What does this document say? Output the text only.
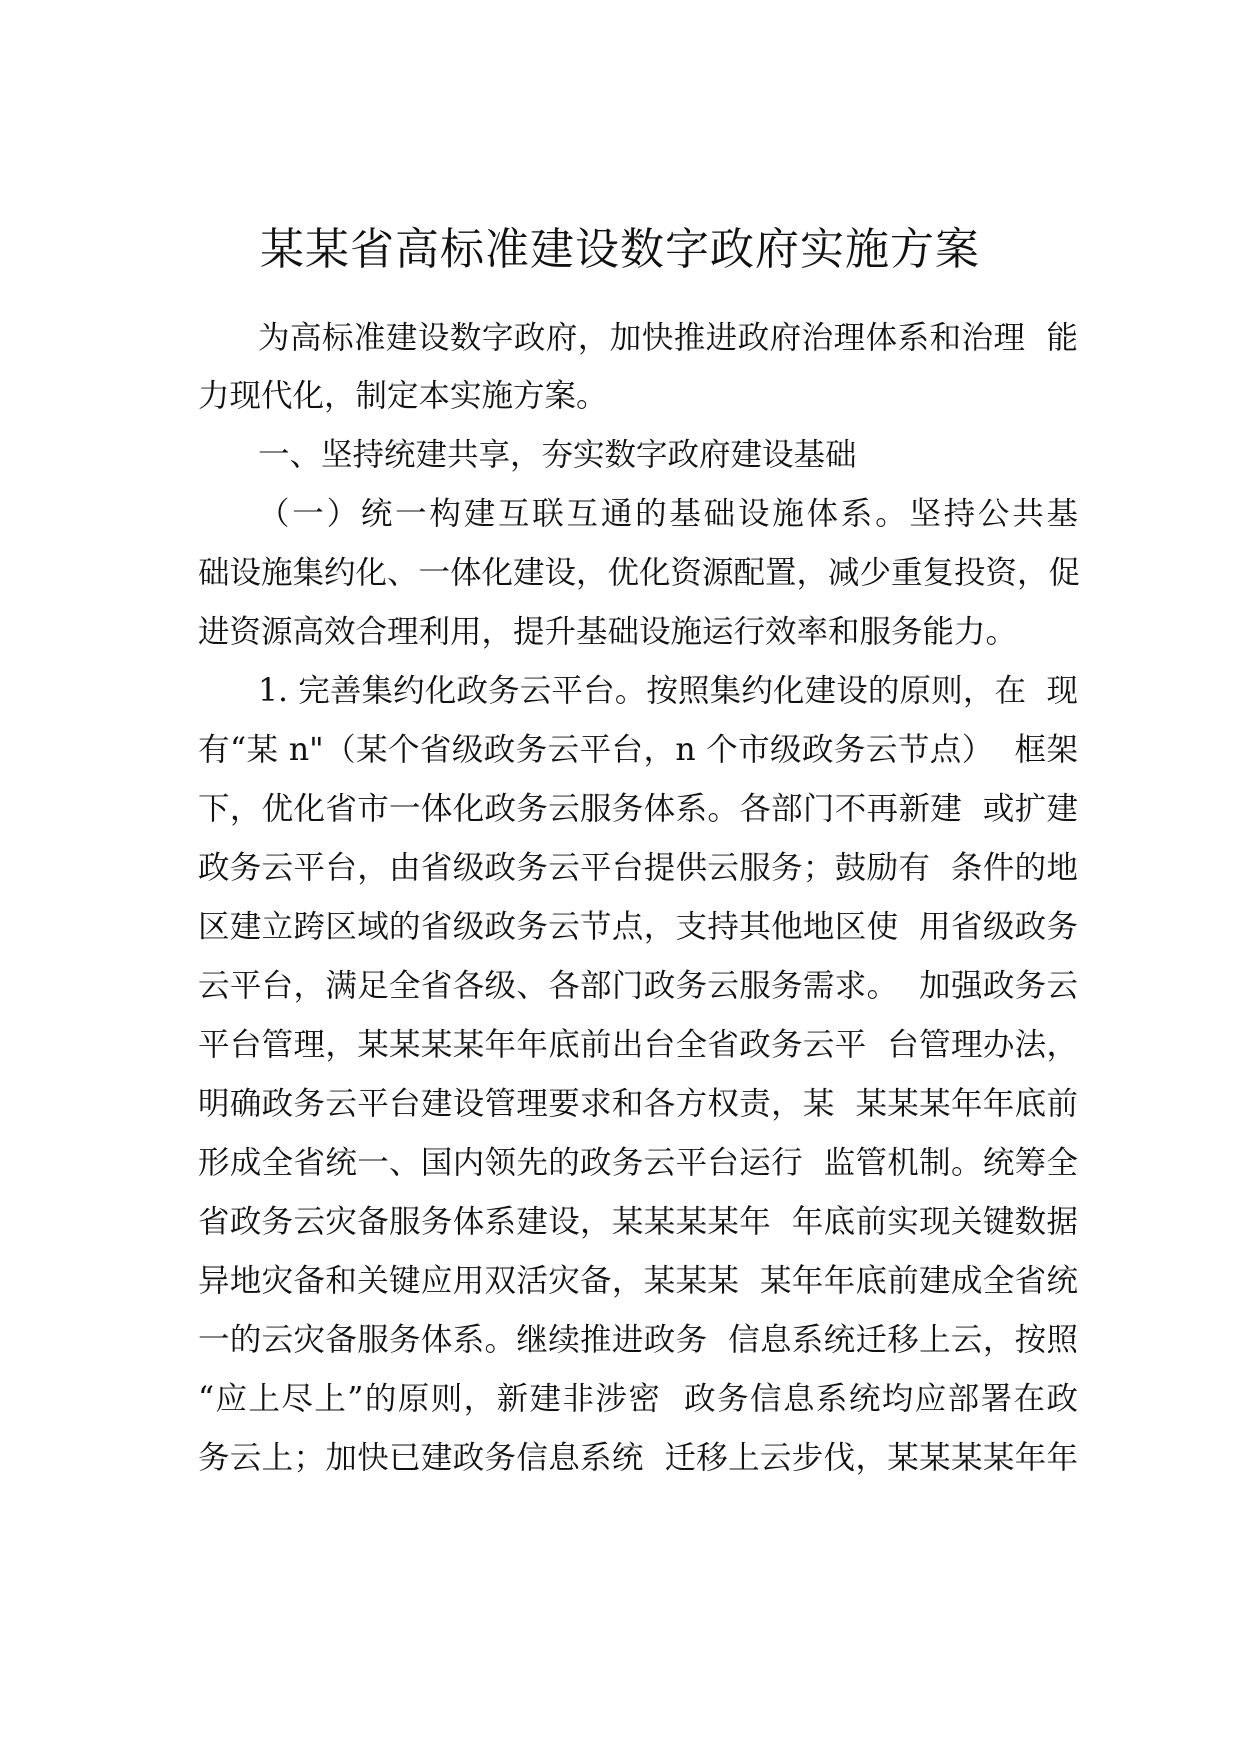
某某省高标准建设数字政府实施方案

为高标准建设数字政府，加快推进政府治理体系和治理  能

力现代化，制定本实施方案。

一、坚持统建共享，夯实数字政府建设基础

（一）统一构建互联互通的基础设施体系。坚持公共基

础设施集约化、一体化建设，优化资源配置，减少重复投资，促

进资源高效合理利用，提升基础设施运行效率和服务能力。

1. 完善集约化政务云平台。按照集约化建设的原则，在  现

有“某 n"（某个省级政务云平台，n 个市级政务云节点）  框架

下，优化省市一体化政务云服务体系。各部门不再新建  或扩建

政务云平台，由省级政务云平台提供云服务；鼓励有  条件的地

区建立跨区域的省级政务云节点，支持其他地区使  用省级政务

云平台，满足全省各级、各部门政务云服务需求。  加强政务云

平台管理，某某某某年年底前出台全省政务云平  台管理办法，

明确政务云平台建设管理要求和各方权责，某  某某某年年底前

形成全省统一、国内领先的政务云平台运行  监管机制。统筹全

省政务云灾备服务体系建设，某某某某年  年底前实现关键数据

异地灾备和关键应用双活灾备，某某某  某年年底前建成全省统

一的云灾备服务体系。继续推进政务  信息系统迁移上云，按照

“应上尽上”的原则，新建非涉密  政务信息系统均应部署在政

务云上；加快已建政务信息系统  迁移上云步伐，某某某某年年
